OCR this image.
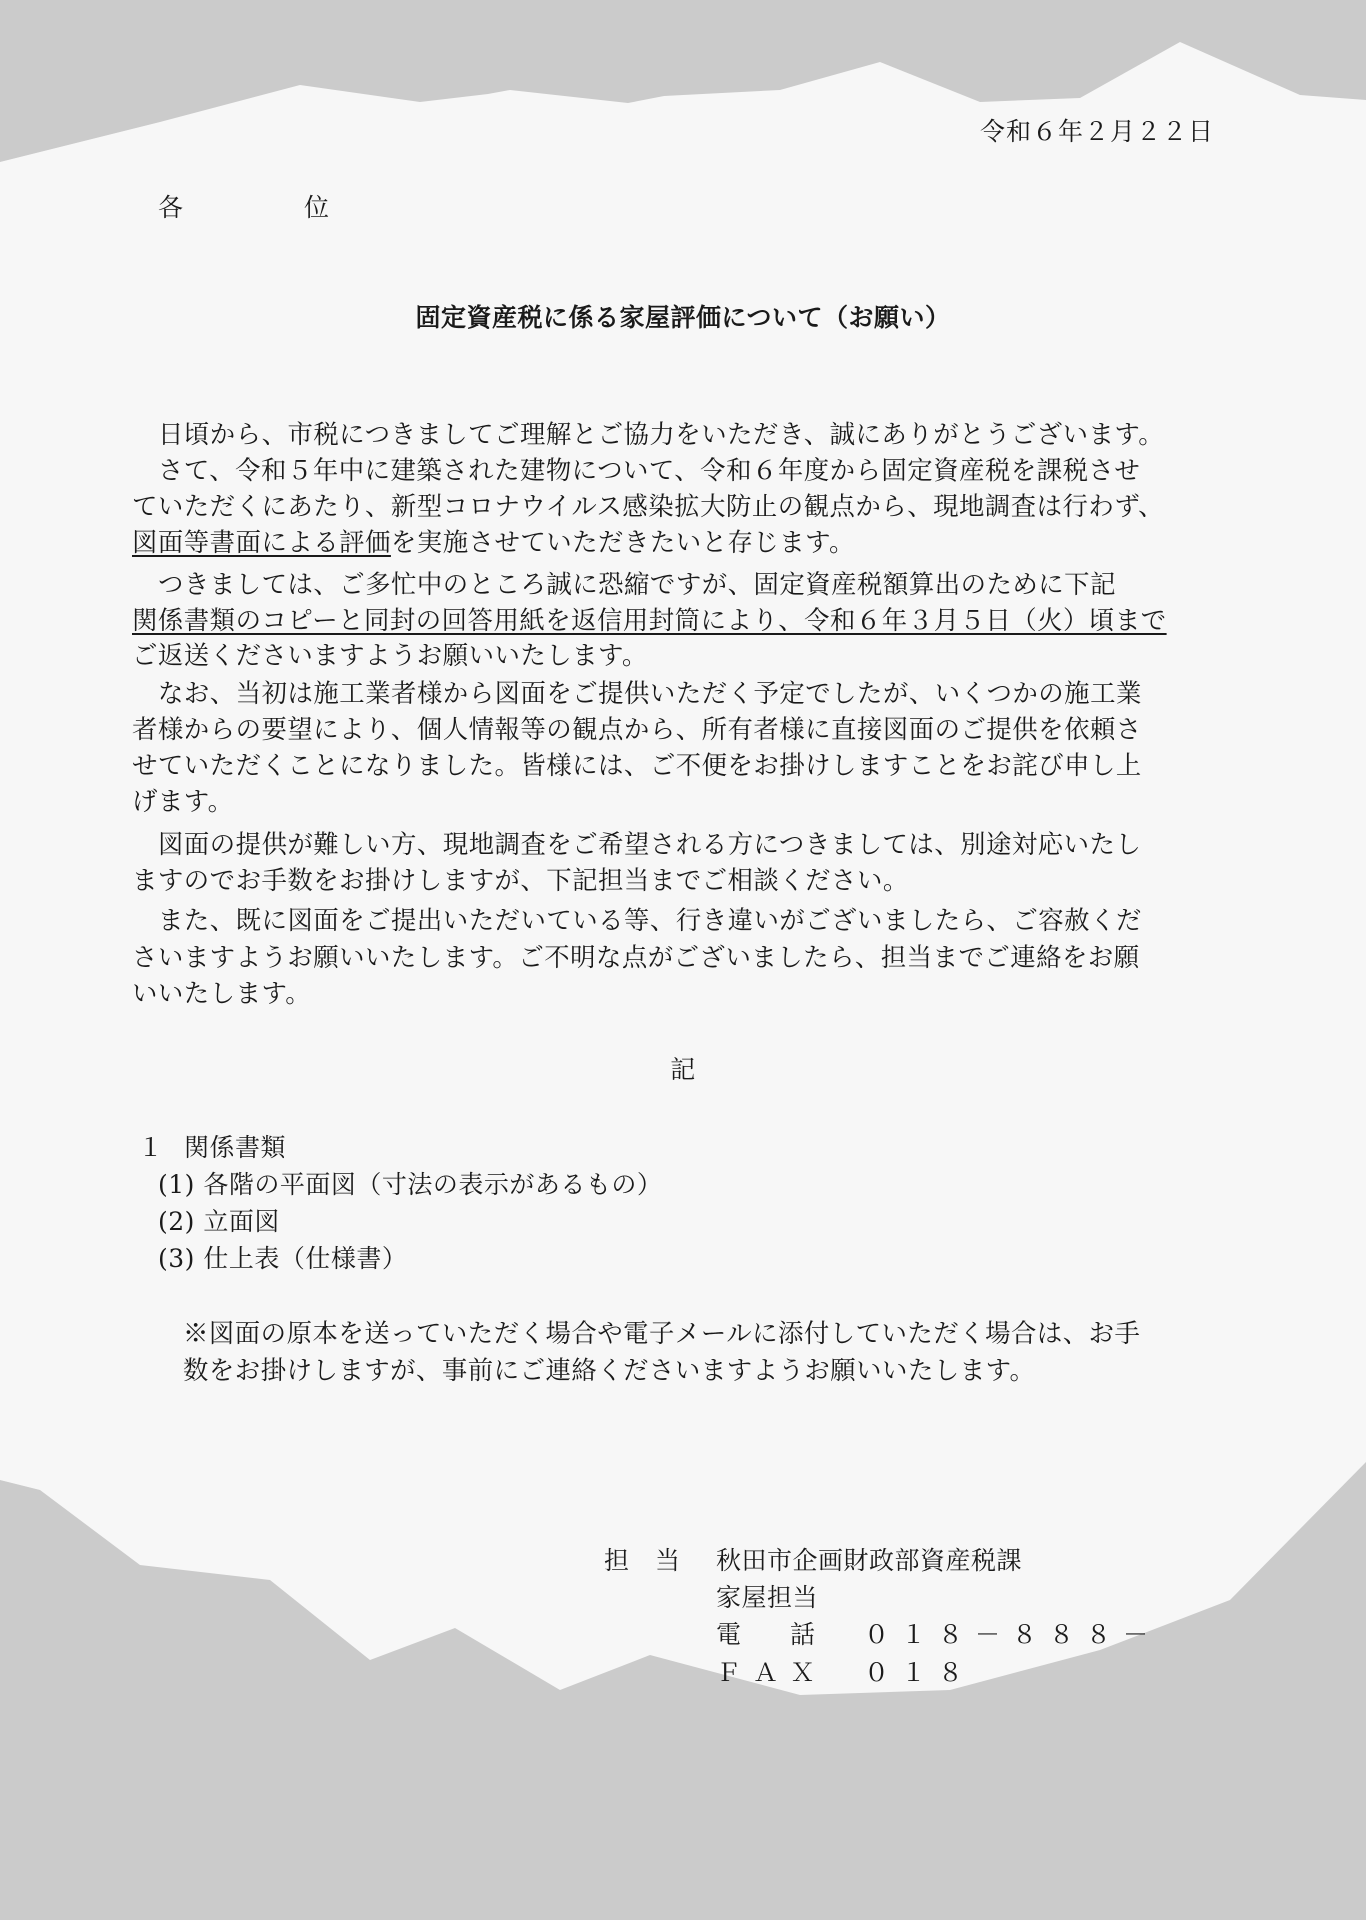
令和６年２月２２日

各　位

固定資産税に係る家屋評価について（お願い）

日頃から、市税につきましてご理解とご協力をいただき、誠にありがとうございます。

さて、令和５年中に建築された建物について、令和６年度から固定資産税を課税させ

ていただくにあたり、新型コロナウイルス感染拡大防止の観点から、現地調査は行わず、

図面等書面による評価を実施させていただきたいと存じます。

つきましては、ご多忙中のところ誠に恐縮ですが、固定資産税額算出のために下記

関係書類のコピーと同封の回答用紙を返信用封筒により、令和６年３月５日（火）頃まで

ご返送くださいますようお願いいたします。

なお、当初は施工業者様から図面をご提供いただく予定でしたが、いくつかの施工業

者様からの要望により、個人情報等の観点から、所有者様に直接図面のご提供を依頼さ

せていただくことになりました。皆様には、ご不便をお掛けしますことをお詫び申し上

げます。

図面の提供が難しい方、現地調査をご希望される方につきましては、別途対応いたし

ますのでお手数をお掛けしますが、下記担当までご相談ください。

また、既に図面をご提出いただいている等、行き違いがございましたら、ご容赦くだ

さいますようお願いいたします。ご不明な点がございましたら、担当までご連絡をお願

いいたします。

記

１ 関係書類

(1) 各階の平面図（寸法の表示があるもの）

(2) 立面図

(3) 仕上表（仕様書）

※図面の原本を送っていただく場合や電子メールに添付していただく場合は、お手

数をお掛けしますが、事前にご連絡くださいますようお願いいたします。

担当 秋田市企画財政部資産税課

家屋担当

電　話　０１８－８８８－

ＦＡＸ　０１８
